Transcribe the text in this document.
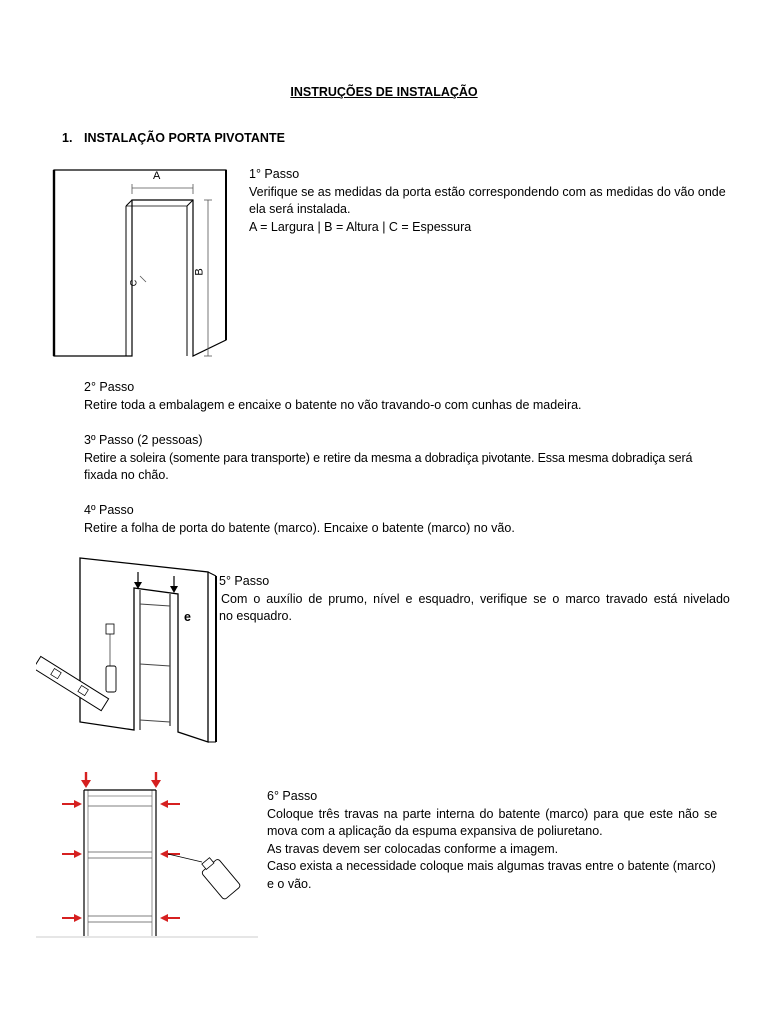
INSTRUÇÕES DE INSTALAÇÃO
1. INSTALAÇÃO PORTA PIVOTANTE
A
B
C
1° Passo
Verifique se as medidas da porta estão correspondendo com as medidas do vão onde
ela será instalada.
A = Largura | B = Altura | C = Espessura
2° Passo
Retire toda a embalagem e encaixe o batente no vão travando-o com cunhas de madeira.
3º Passo (2 pessoas)
Retire a soleira (somente para transporte) e retire da mesma a dobradiça pivotante. Essa mesma dobradiça será
fixada no chão.
4º Passo
Retire a folha de porta do batente (marco). Encaixe o batente (marco) no vão.
e
5° Passo
Com o auxílio de prumo, nível e esquadro, verifique se o marco travado está nivelado
no esquadro.
6° Passo
Coloque três travas na parte interna do batente (marco) para que este não se
mova com a aplicação da espuma expansiva de poliuretano.
As travas devem ser colocadas conforme a imagem.
Caso exista a necessidade coloque mais algumas travas entre o batente (marco)
e o vão.
